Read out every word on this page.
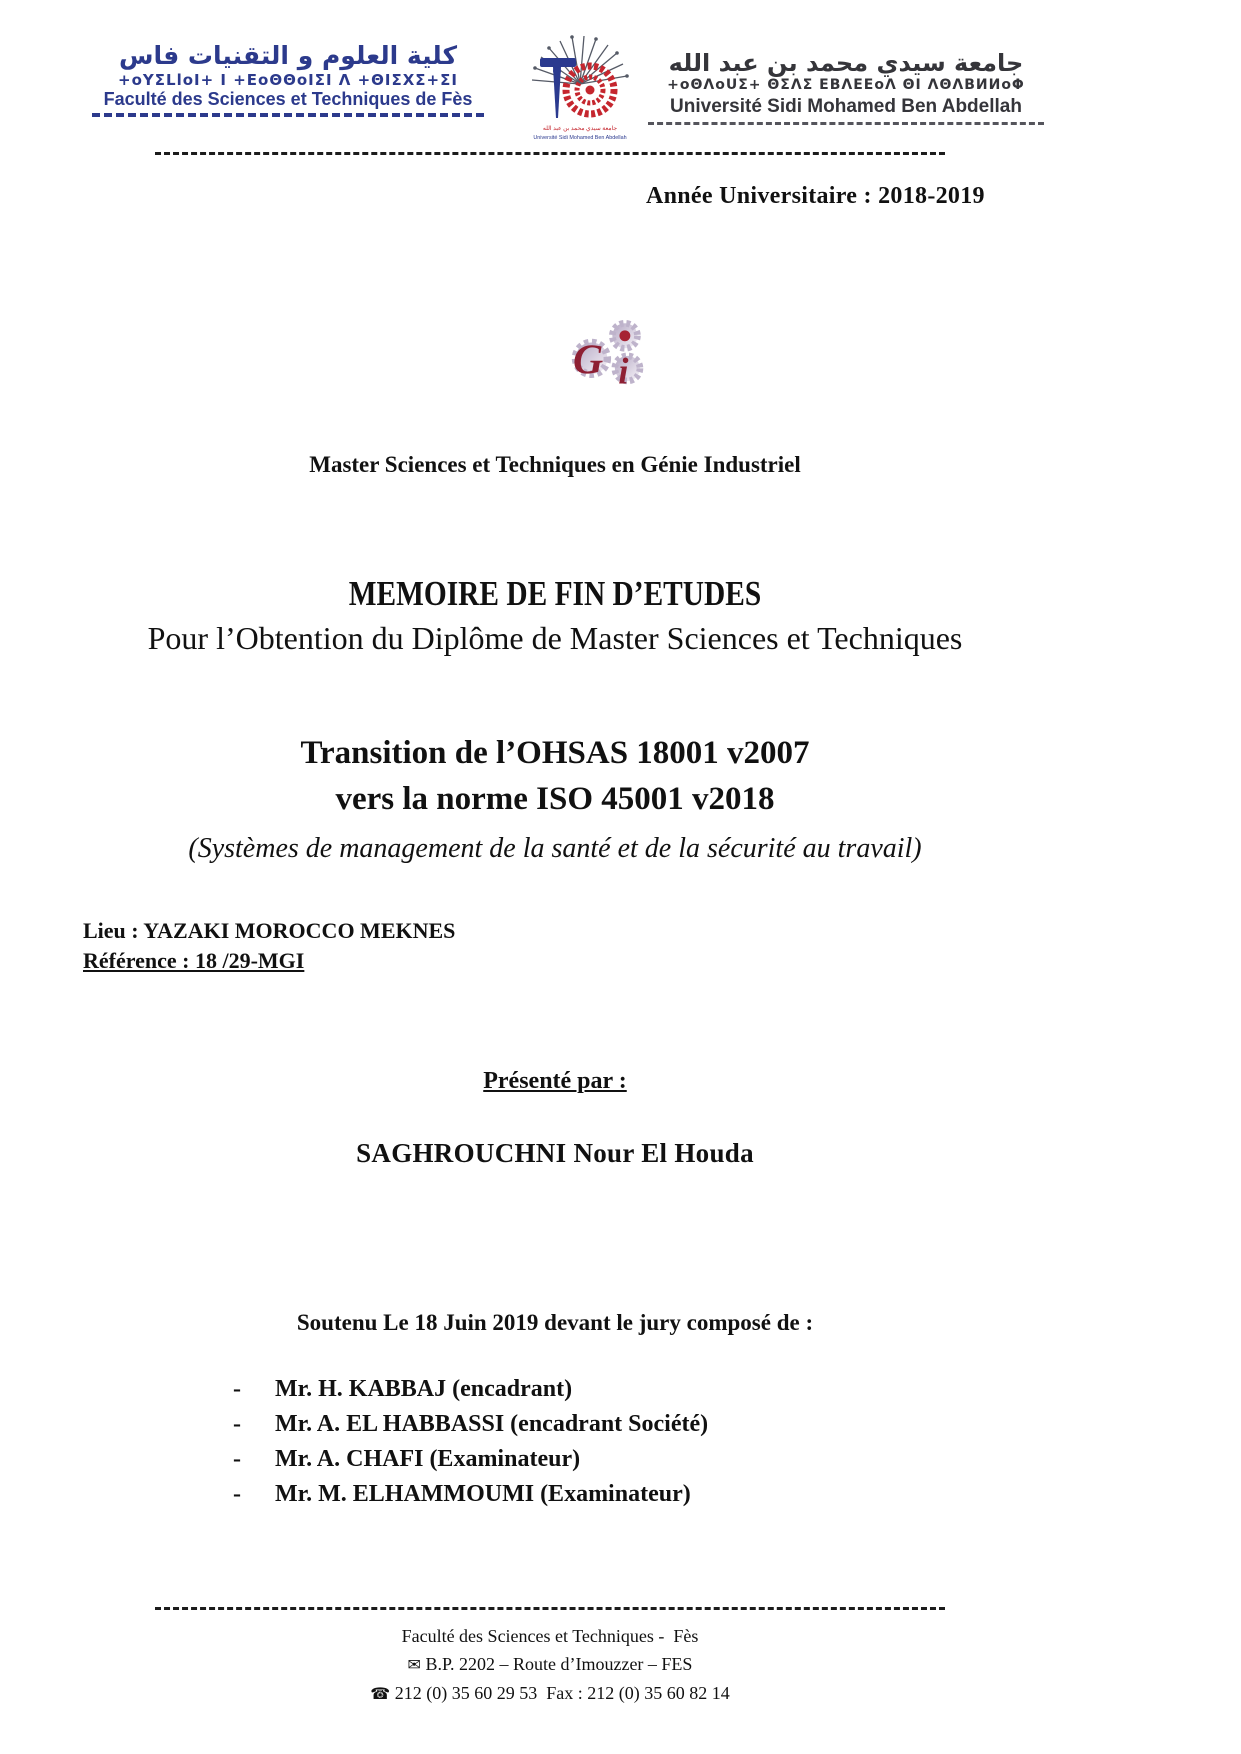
كلية العلوم و التقنيات فاس
+oYΣLloI+ I +EoΘΘoIΣI Λ +ΘIΣXΣ+ΣI
Faculté des Sciences et Techniques de Fès
جامعة سيدي محمد بن عبد الله
Université Sidi Mohamed Ben Abdellah
جامعة سيدي محمد بن عبد الله
+oΘΛoUΣ+ ΘΣΛΣ EBΛEEoΛ ΘI ΛΘΛBИИoΦ
Université Sidi Mohamed Ben Abdellah
Année Universitaire : 2018-2019
G i
Master Sciences et Techniques en Génie Industriel
MEMOIRE DE FIN D’ETUDES
Pour l’Obtention du Diplôme de Master Sciences et Techniques
Transition de l’OHSAS 18001 v2007
vers la norme ISO 45001 v2018
(Systèmes de management de la santé et de la sécurité au travail)
Lieu : YAZAKI MOROCCO MEKNES
Référence : 18 /29-MGI
Présenté par :
SAGHROUCHNI Nour El Houda
Soutenu Le 18 Juin 2019 devant le jury composé de :
-	Mr. H. KABBAJ (encadrant)
-	Mr. A. EL HABBASSI (encadrant Société)
-	Mr. A. CHAFI (Examinateur)
-	Mr. M. ELHAMMOUMI (Examinateur)
Faculté des Sciences et Techniques -  Fès
✉ B.P. 2202 – Route d’Imouzzer – FES
☎ 212 (0) 35 60 29 53  Fax : 212 (0) 35 60 82 14
